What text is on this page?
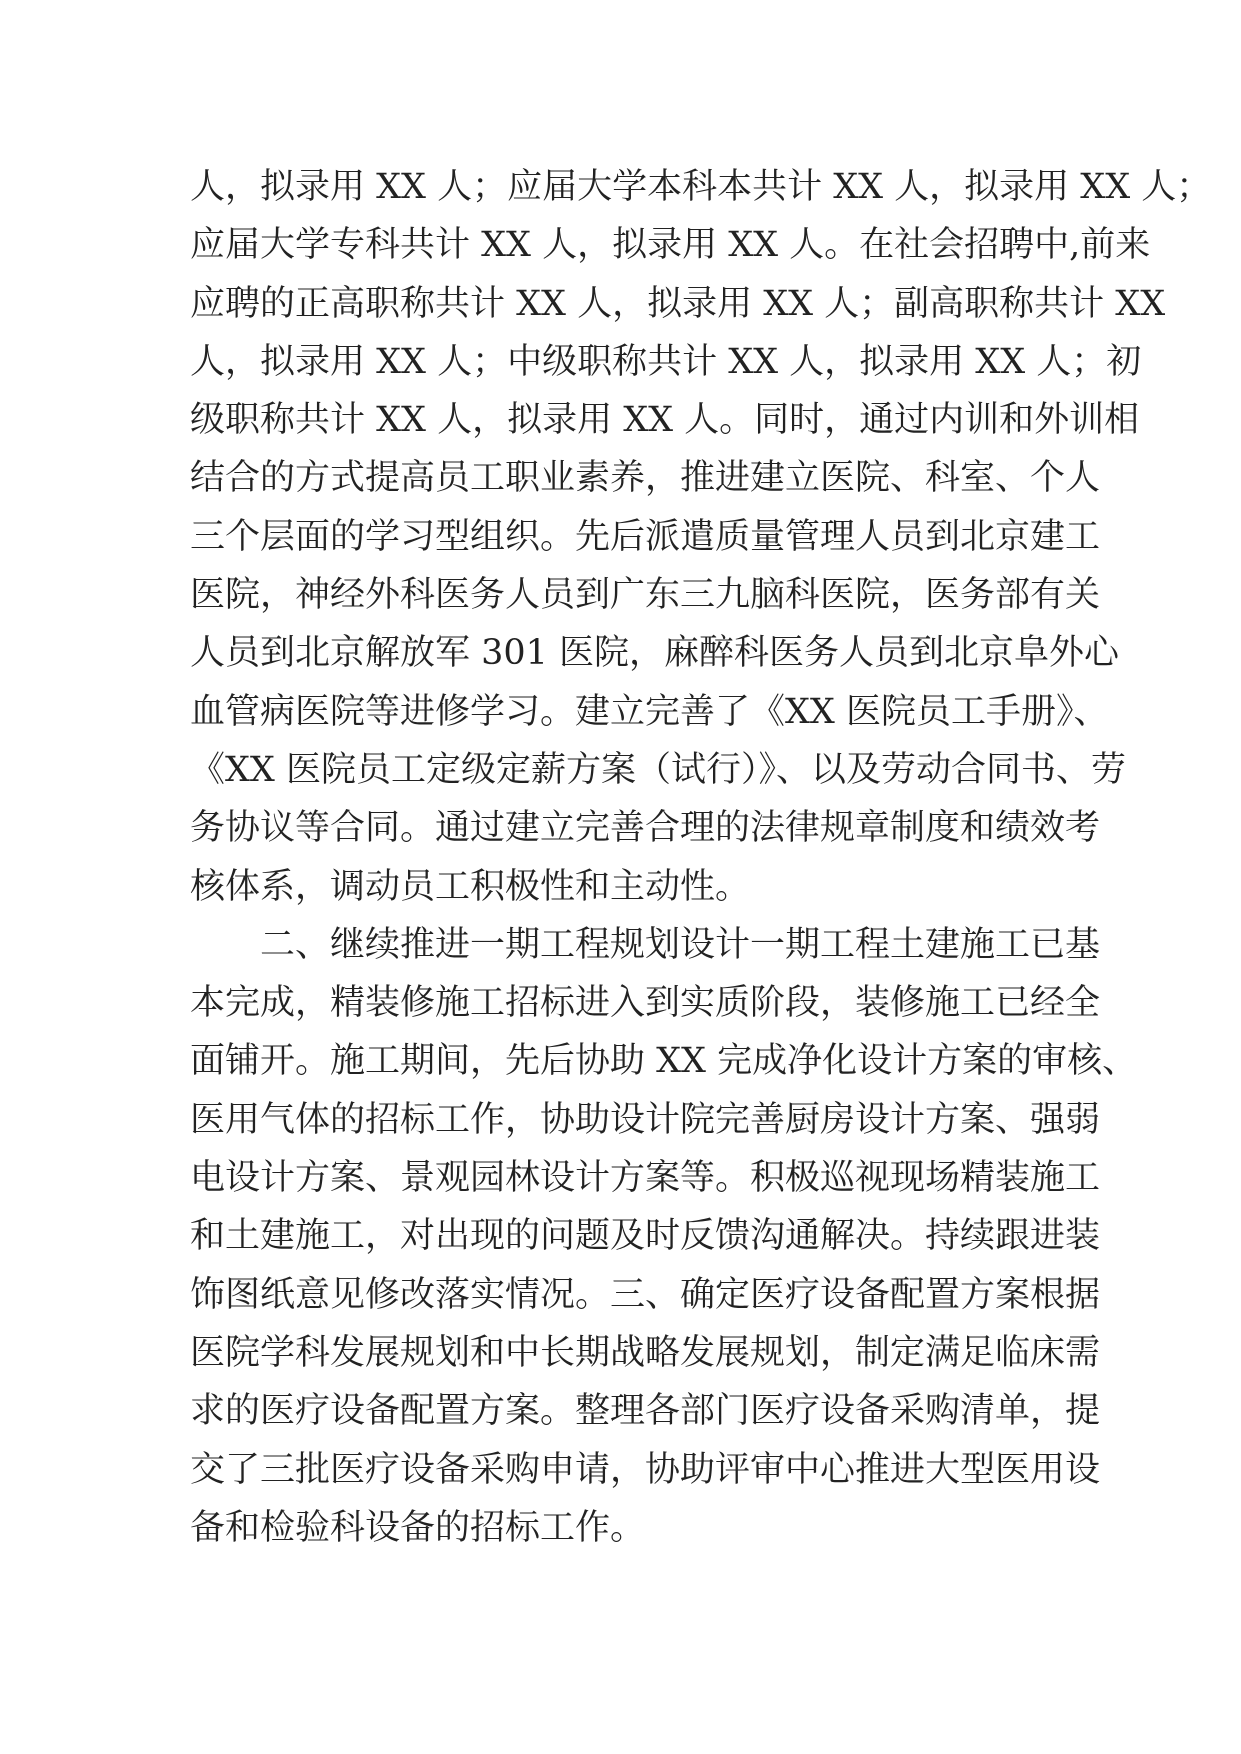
人，拟录用 XX 人；应届大学本科本共计 XX 人，拟录用 XX 人；
应届大学专科共计 XX 人，拟录用 XX 人。在社会招聘中,前来
应聘的正高职称共计 XX 人，拟录用 XX 人；副高职称共计 XX
人，拟录用 XX 人；中级职称共计 XX 人，拟录用 XX 人；初
级职称共计 XX 人，拟录用 XX 人。同时，通过内训和外训相
结合的方式提高员工职业素养，推进建立医院、科室、个人
三个层面的学习型组织。先后派遣质量管理人员到北京建工
医院，神经外科医务人员到广东三九脑科医院，医务部有关
人员到北京解放军 301 医院，麻醉科医务人员到北京阜外心
血管病医院等进修学习。建立完善了《XX 医院员工手册》、
《XX 医院员工定级定薪方案（试行）》、以及劳动合同书、劳
务协议等合同。通过建立完善合理的法律规章制度和绩效考
核体系，调动员工积极性和主动性。
二、继续推进一期工程规划设计一期工程土建施工已基
本完成，精装修施工招标进入到实质阶段，装修施工已经全
面铺开。施工期间，先后协助 XX 完成净化设计方案的审核、
医用气体的招标工作，协助设计院完善厨房设计方案、强弱
电设计方案、景观园林设计方案等。积极巡视现场精装施工
和土建施工，对出现的问题及时反馈沟通解决。持续跟进装
饰图纸意见修改落实情况。三、确定医疗设备配置方案根据
医院学科发展规划和中长期战略发展规划，制定满足临床需
求的医疗设备配置方案。整理各部门医疗设备采购清单，提
交了三批医疗设备采购申请，协助评审中心推进大型医用设
备和检验科设备的招标工作。
